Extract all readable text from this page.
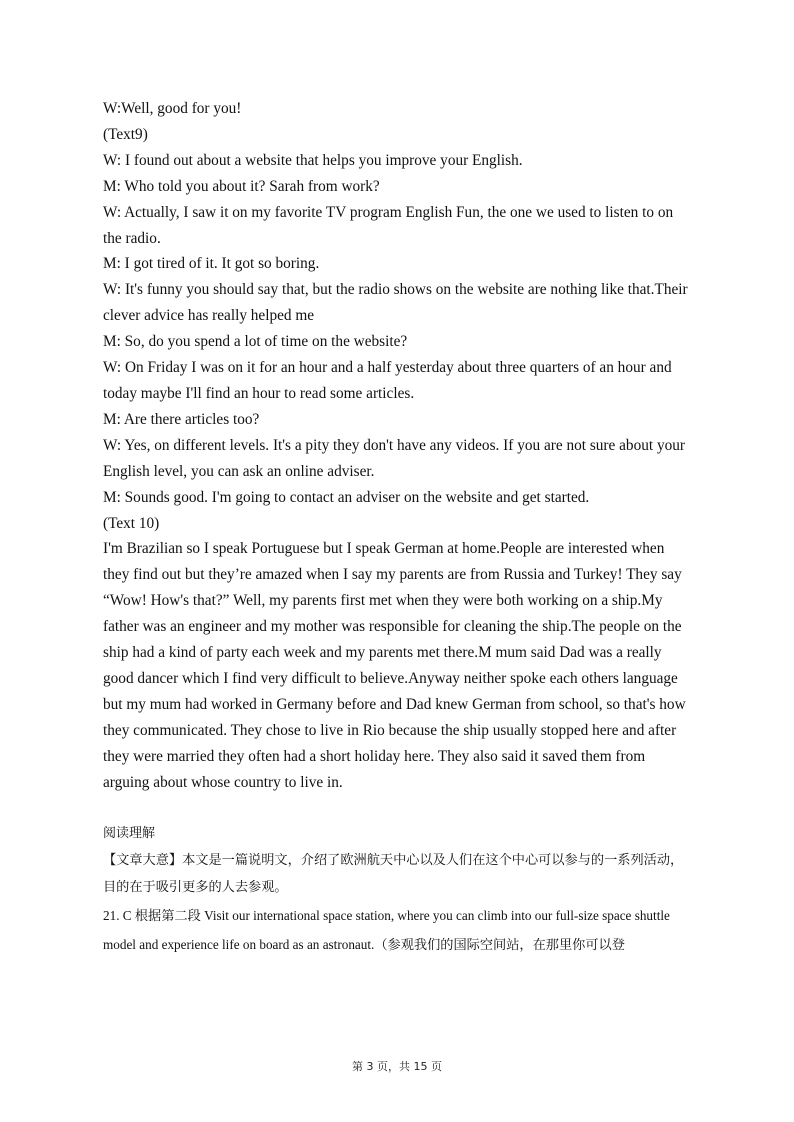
W:Well, good for you!

(Text9)

W: I found out about a website that helps you improve your English.

M: Who told you about it? Sarah from work?

W: Actually, I saw it on my favorite TV program English Fun, the one we used to listen to on the radio.

M: I got tired of it. It got so boring.

W: It's funny you should say that, but the radio shows on the website are nothing like that.Their clever advice has really helped me

M: So, do you spend a lot of time on the website?

W: On Friday I was on it for an hour and a half yesterday about three quarters of an hour and today maybe I'll find an hour to read some articles.

M: Are there articles too?

W: Yes, on different levels. It's a pity they don't have any videos. If you are not sure about your English level, you can ask an online adviser.

M: Sounds good. I'm going to contact an adviser on the website and get started.

(Text 10)

I'm Brazilian so I speak Portuguese but I speak German at home.People are interested when they find out but they’re amazed when I say my parents are from Russia and Turkey! They say “Wow! How's that?” Well, my parents first met when they were both working on a ship.My father was an engineer and my mother was responsible for cleaning the ship.The people on the ship had a kind of party each week and my parents met there.M mum said Dad was a really good dancer which I find very difficult to believe.Anyway neither spoke each others language but my mum had worked in Germany before and Dad knew German from school, so that's how they communicated. They chose to live in Rio because the ship usually stopped here and after they were married they often had a short holiday here. They also said it saved them from arguing about whose country to live in.

阅读理解

【文章大意】本文是一篇说明文，介绍了欧洲航天中心以及人们在这个中心可以参与的一系列活动，目的在于吸引更多的人去参观。

21. C 根据第二段 Visit our international space station, where you can climb into our full-size space shuttle model and experience life on board as an astronaut.（参观我们的国际空间站，在那里你可以登

第 3 页，共 15 页
